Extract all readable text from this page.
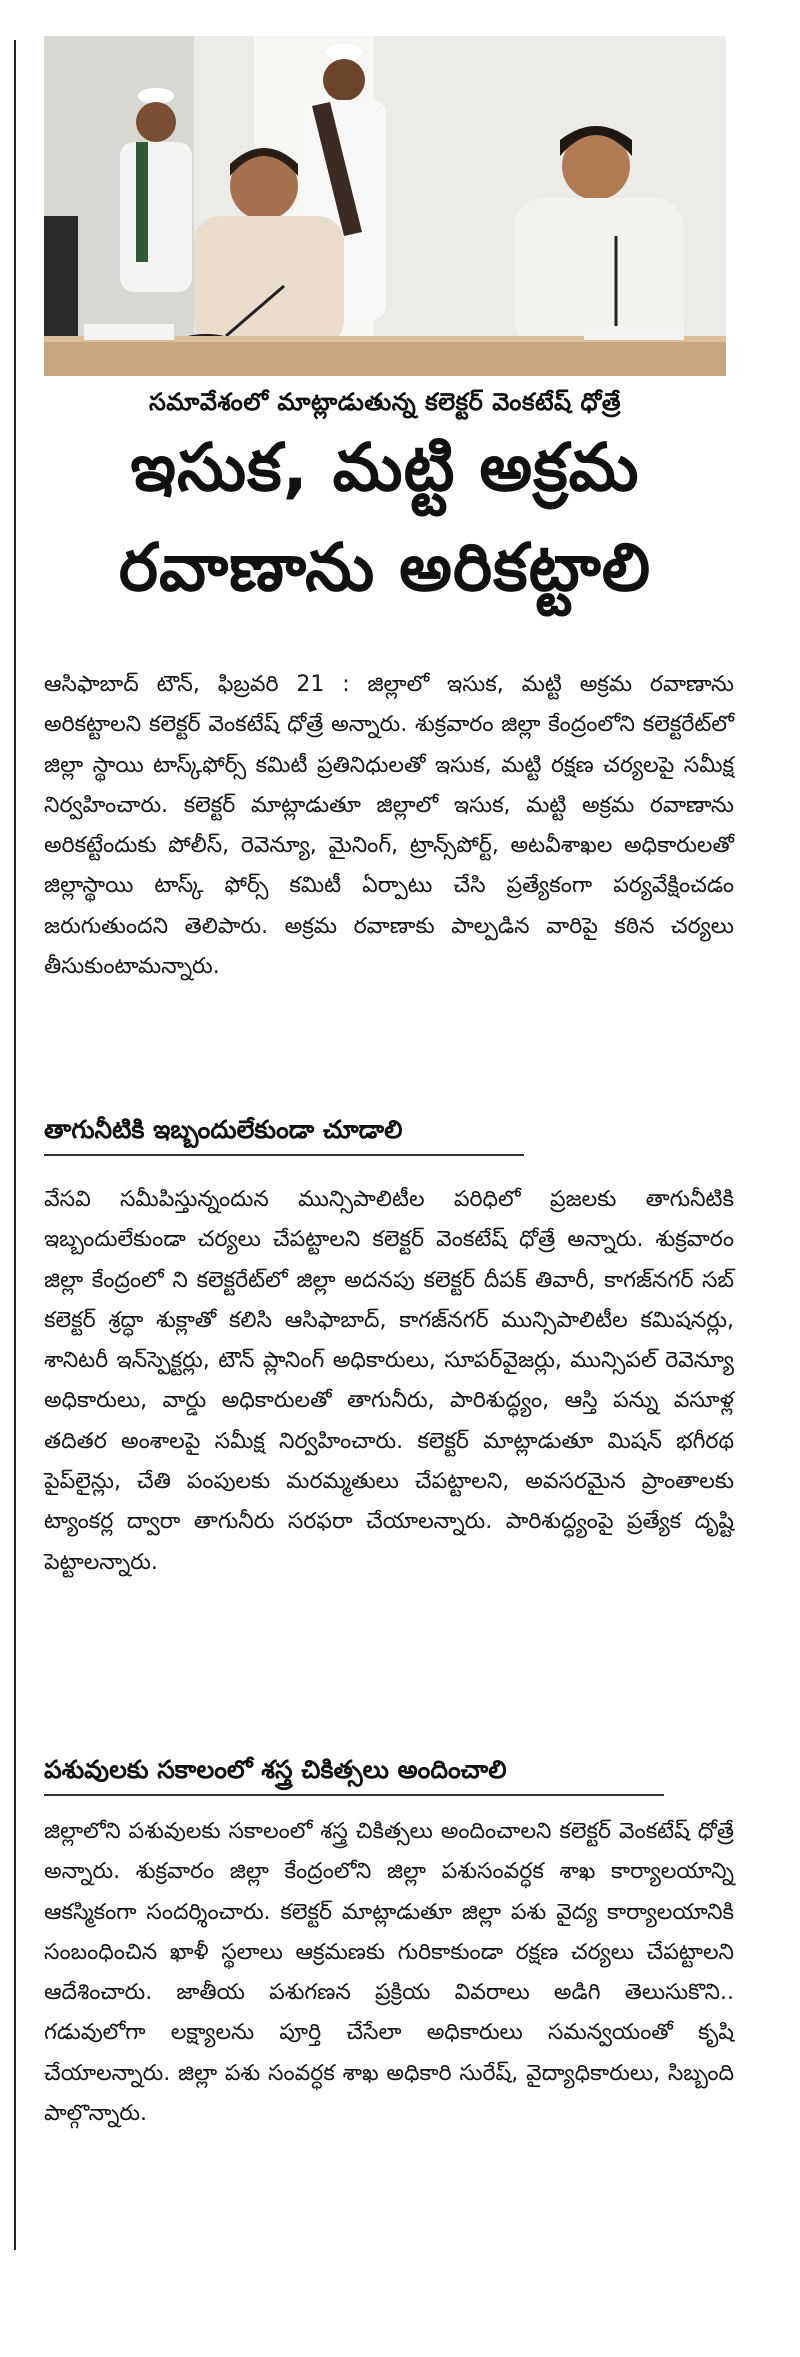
సమావేశంలో మాట్లాడుతున్న కలెక్టర్ వెంకటేష్ ధోత్రే
ఇసుక, మట్టి అక్రమ
రవాణాను అరికట్టాలి

ఆసిఫాబాద్ టౌన్, ఫిబ్రవరి 21 : జిల్లాలో ఇసుక, మట్టి అక్రమ రవాణాను అరికట్టాలని కలెక్టర్ వెంకటేష్ ధోత్రే అన్నారు. శుక్రవారం జిల్లా కేంద్రంలోని కలెక్టరేట్‌లో జిల్లా స్థాయి టాస్క్‌ఫోర్స్ కమిటీ ప్రతినిధులతో ఇసుక, మట్టి రక్షణ చర్యలపై సమీక్ష నిర్వహించారు. కలెక్టర్ మాట్లాడుతూ జిల్లాలో ఇసుక, మట్టి అక్రమ రవాణాను అరికట్టేందుకు పోలీస్, రెవెన్యూ, మైనింగ్, ట్రాన్స్‌పోర్ట్, అటవీశాఖల అధికారులతో జిల్లాస్థాయి టాస్క్ ఫోర్స్ కమిటీ ఏర్పాటు చేసి ప్రత్యేకంగా పర్యవేక్షించడం జరుగుతుందని తెలిపారు. అక్రమ రవాణాకు పాల్పడిన వారిపై కఠిన చర్యలు తీసుకుంటామన్నారు.

తాగునీటికి ఇబ్బందులేకుండా చూడాలి

వేసవి సమీపిస్తున్నందున మున్సిపాలిటీల పరిధిలో ప్రజలకు తాగునీటికి ఇబ్బందులేకుండా చర్యలు చేపట్టాలని కలెక్టర్ వెంకటేష్ ధోత్రే అన్నారు. శుక్రవారం జిల్లా కేంద్రంలో ని కలెక్టరేట్‌లో జిల్లా అదనపు కలెక్టర్ దీపక్ తివారీ, కాగజ్‌నగర్ సబ్ కలెక్టర్ శ్రద్ధా శుక్లాతో కలిసి ఆసిఫాబాద్, కాగజ్‌నగర్ మున్సిపాలిటీల కమిషనర్లు, శానిటరీ ఇన్‌స్పెక్టర్లు, టౌన్ ప్లానింగ్ అధికారులు, సూపర్‌వైజర్లు, మున్సిపల్ రెవెన్యూ అధికారులు, వార్డు అధికారులతో తాగునీరు, పారిశుద్ధ్యం, ఆస్తి పన్ను వసూళ్ల తదితర అంశాలపై సమీక్ష నిర్వహించారు. కలెక్టర్ మాట్లాడుతూ మిషన్ భగీరథ పైప్‌లైన్లు, చేతి పంపులకు మరమ్మతులు చేపట్టాలని, అవసరమైన ప్రాంతాలకు ట్యాంకర్ల ద్వారా తాగునీరు సరఫరా చేయాలన్నారు. పారిశుద్ధ్యంపై ప్రత్యేక దృష్టి పెట్టాలన్నారు.

పశువులకు సకాలంలో శస్త్ర చికిత్సలు అందించాలి

జిల్లాలోని పశువులకు సకాలంలో శస్త్ర చికిత్సలు అందించాలని కలెక్టర్ వెంకటేష్ ధోత్రే అన్నారు. శుక్రవారం జిల్లా కేంద్రంలోని జిల్లా పశుసంవర్ధక శాఖ కార్యాలయాన్ని ఆకస్మికంగా సందర్శించారు. కలెక్టర్ మాట్లాడుతూ జిల్లా పశు వైద్య కార్యాలయానికి సంబంధించిన ఖాళీ స్థలాలు ఆక్రమణకు గురికాకుండా రక్షణ చర్యలు చేపట్టాలని ఆదేశించారు. జాతీయ పశుగణన ప్రక్రియ వివరాలు అడిగి తెలుసుకొని.. గడువులోగా లక్ష్యాలను పూర్తి చేసేలా అధికారులు సమన్వయంతో కృషి చేయాలన్నారు. జిల్లా పశు సంవర్ధక శాఖ అధికారి సురేష్, వైద్యాధికారులు, సిబ్బంది పాల్గొన్నారు.
